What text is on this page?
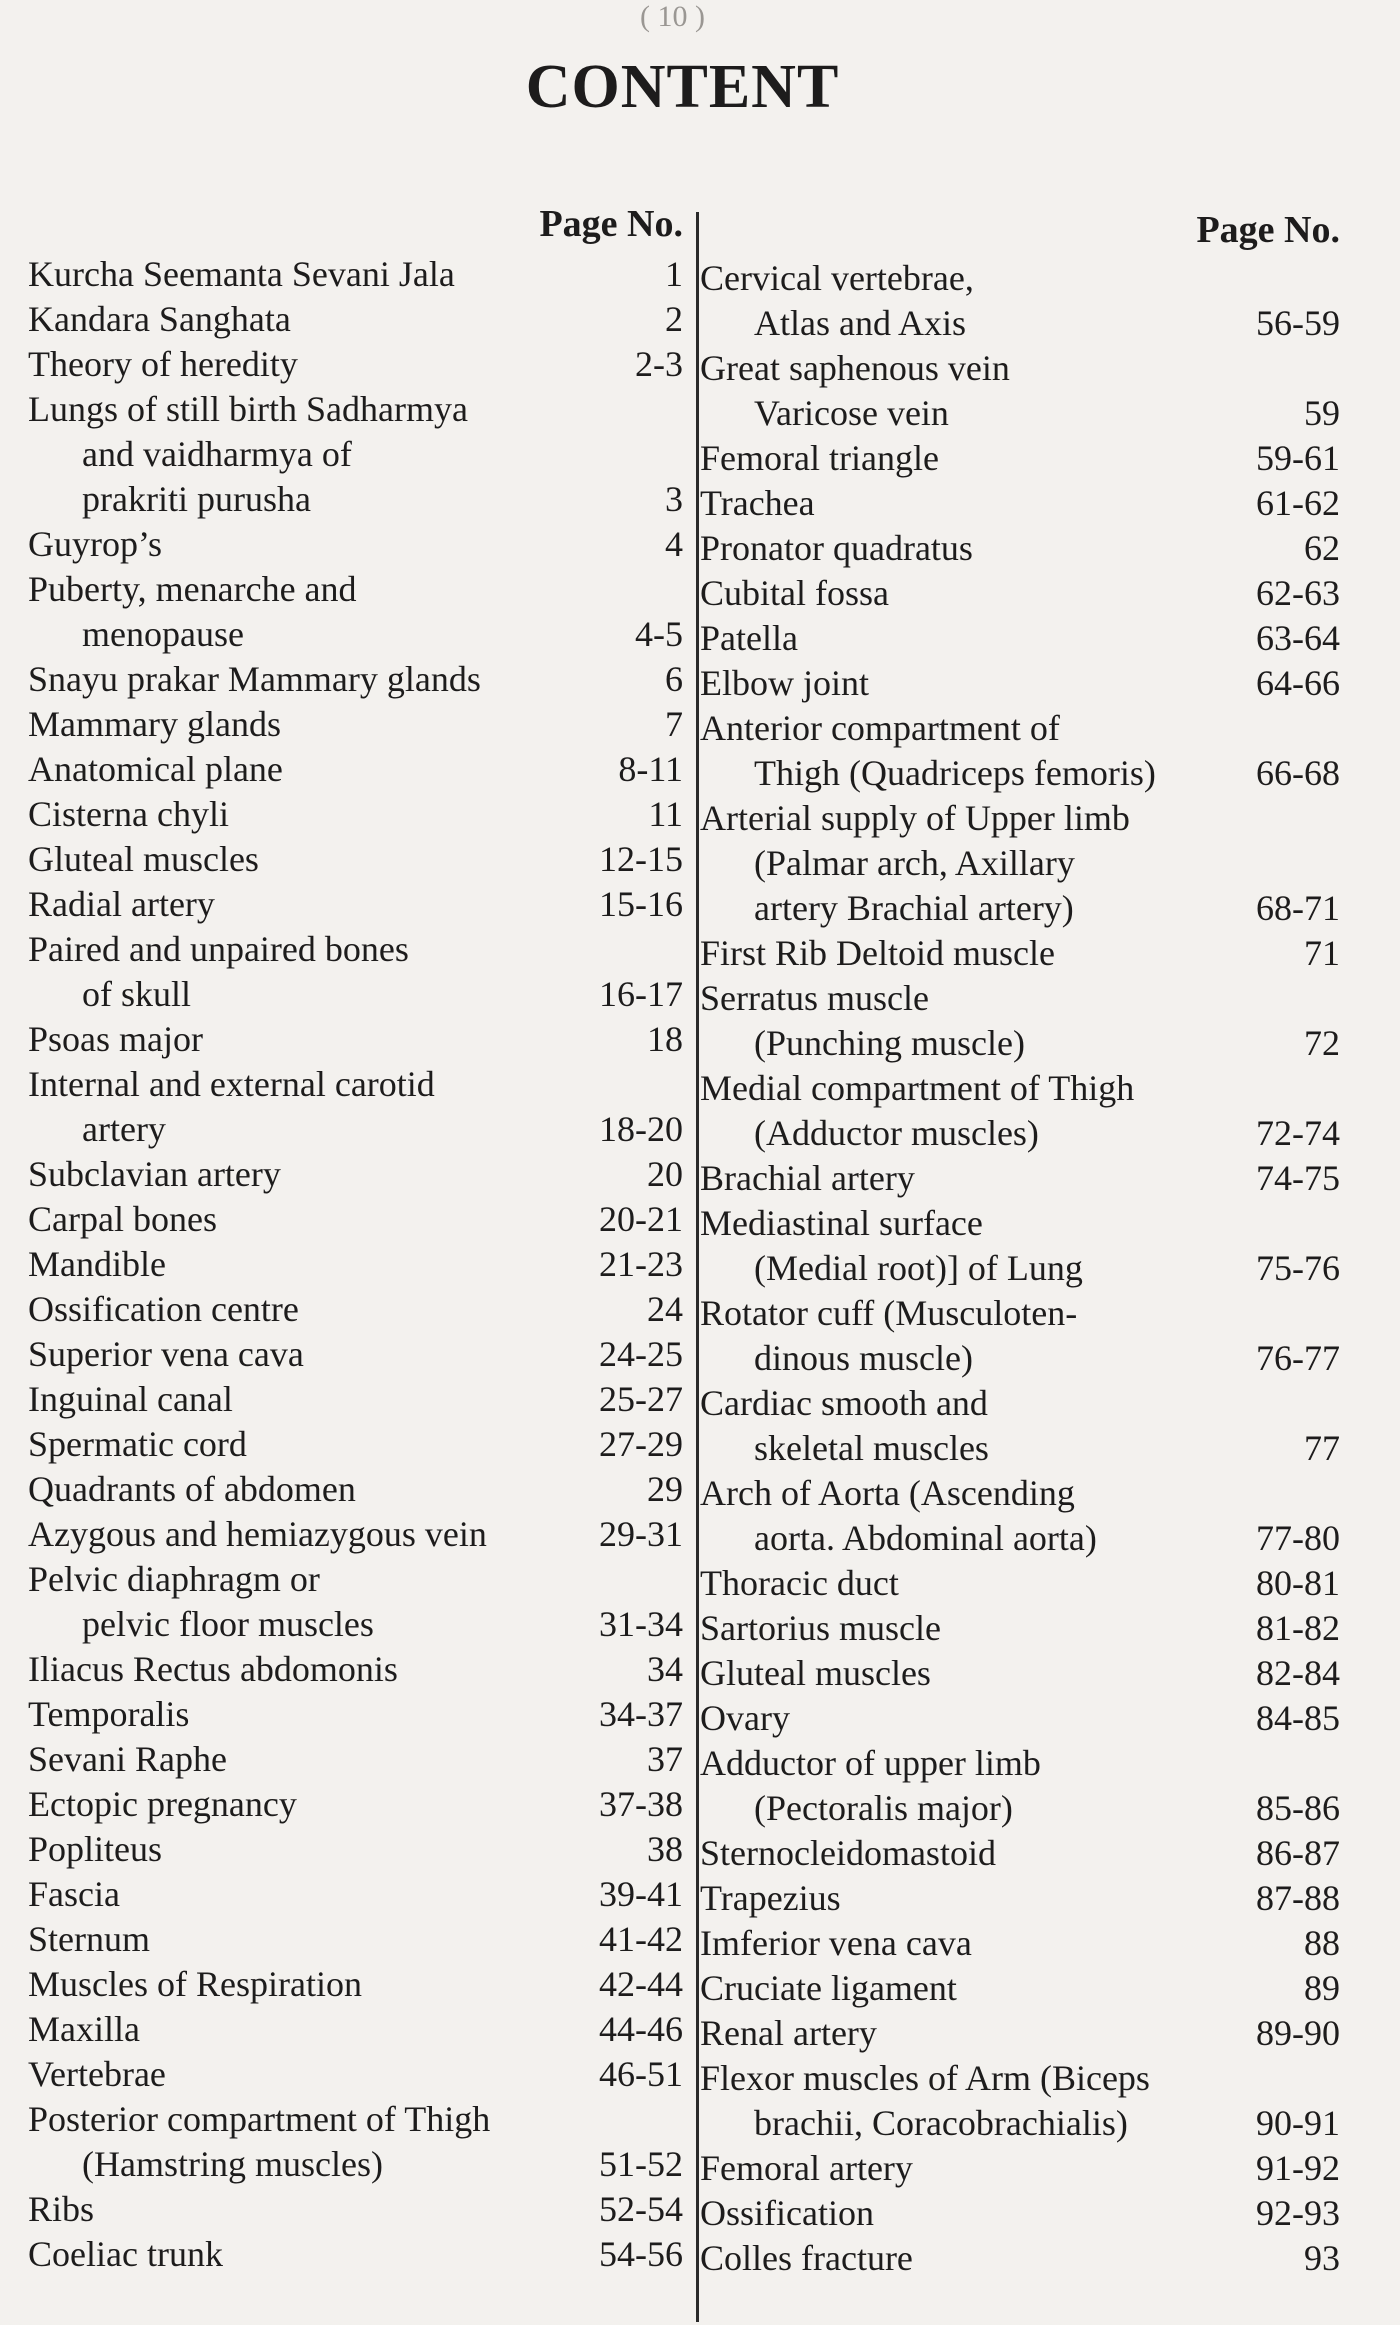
( 10 )
CONTENT
Page No.
Kurcha Seemanta Sevani Jala	1
Kandara Sanghata	2
Theory of heredity	2-3
Lungs of still birth Sadharmya
and vaidharmya of
prakriti purusha	3
Guyrop’s	4
Puberty, menarche and
menopause	4-5
Snayu prakar Mammary glands	6
Mammary glands	7
Anatomical plane	8-11
Cisterna chyli	11
Gluteal muscles	12-15
Radial artery	15-16
Paired and unpaired bones
of skull	16-17
Psoas major	18
Internal and external carotid
artery	18-20
Subclavian artery	20
Carpal bones	20-21
Mandible	21-23
Ossification centre	24
Superior vena cava	24-25
Inguinal canal	25-27
Spermatic cord	27-29
Quadrants of abdomen	29
Azygous and hemiazygous vein	29-31
Pelvic diaphragm or
pelvic floor muscles	31-34
Iliacus Rectus abdomonis	34
Temporalis	34-37
Sevani Raphe	37
Ectopic pregnancy	37-38
Popliteus	38
Fascia	39-41
Sternum	41-42
Muscles of Respiration	42-44
Maxilla	44-46
Vertebrae	46-51
Posterior compartment of Thigh
(Hamstring muscles)	51-52
Ribs	52-54
Coeliac trunk	54-56
Page No.
Cervical vertebrae,
Atlas and Axis	56-59
Great saphenous vein
Varicose vein	59
Femoral triangle	59-61
Trachea	61-62
Pronator quadratus	62
Cubital fossa	62-63
Patella	63-64
Elbow joint	64-66
Anterior compartment of
Thigh (Quadriceps femoris)	66-68
Arterial supply of Upper limb
(Palmar arch, Axillary
artery Brachial artery)	68-71
First Rib Deltoid muscle	71
Serratus muscle
(Punching muscle)	72
Medial compartment of Thigh
(Adductor muscles)	72-74
Brachial artery	74-75
Mediastinal surface
(Medial root)] of Lung	75-76
Rotator cuff (Musculoten-
dinous muscle)	76-77
Cardiac smooth and
skeletal muscles	77
Arch of Aorta (Ascending
aorta. Abdominal aorta)	77-80
Thoracic duct	80-81
Sartorius muscle	81-82
Gluteal muscles	82-84
Ovary	84-85
Adductor of upper limb
(Pectoralis major)	85-86
Sternocleidomastoid	86-87
Trapezius	87-88
Imferior vena cava	88
Cruciate ligament	89
Renal artery	89-90
Flexor muscles of Arm (Biceps
brachii, Coracobrachialis)	90-91
Femoral artery	91-92
Ossification	92-93
Colles fracture	93
